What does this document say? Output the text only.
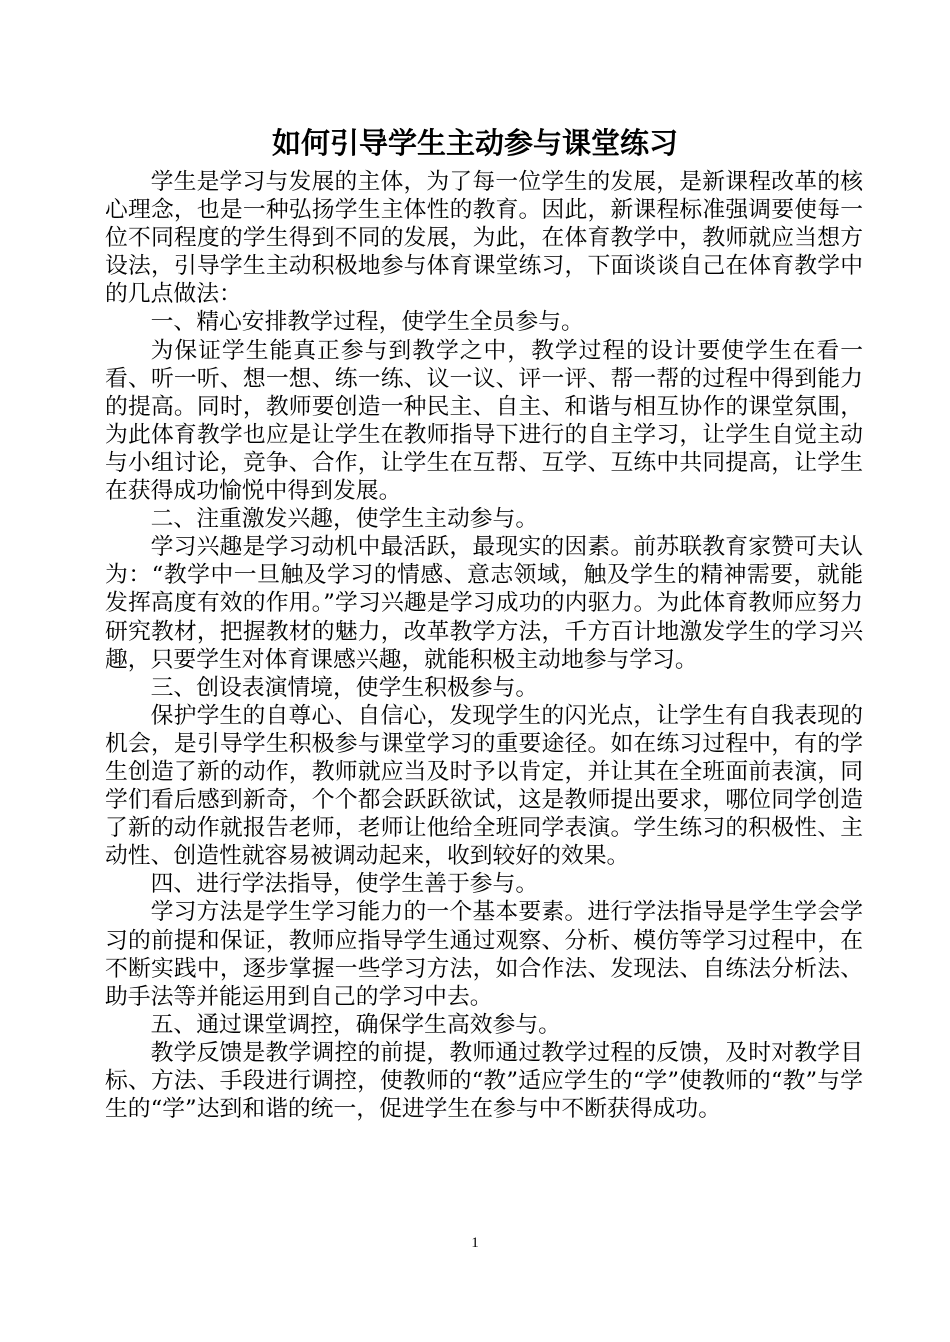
如何引导学生主动参与课堂练习

学生是学习与发展的主体，为了每一位学生的发展，是新课程改革的核心理念，也是一种弘扬学生主体性的教育。因此，新课程标准强调要使每一位不同程度的学生得到不同的发展，为此，在体育教学中，教师就应当想方设法，引导学生主动积极地参与体育课堂练习，下面谈谈自己在体育教学中的几点做法：

一、精心安排教学过程，使学生全员参与。

为保证学生能真正参与到教学之中，教学过程的设计要使学生在看一看、听一听、想一想、练一练、议一议、评一评、帮一帮的过程中得到能力的提高。同时，教师要创造一种民主、自主、和谐与相互协作的课堂氛围，为此体育教学也应是让学生在教师指导下进行的自主学习，让学生自觉主动与小组讨论，竞争、合作，让学生在互帮、互学、互练中共同提高，让学生在获得成功愉悦中得到发展。

二、注重激发兴趣，使学生主动参与。

学习兴趣是学习动机中最活跃，最现实的因素。前苏联教育家赞可夫认为：“教学中一旦触及学习的情感、意志领域，触及学生的精神需要，就能发挥高度有效的作用。”学习兴趣是学习成功的内驱力。为此体育教师应努力研究教材，把握教材的魅力，改革教学方法，千方百计地激发学生的学习兴趣，只要学生对体育课感兴趣，就能积极主动地参与学习。

三、创设表演情境，使学生积极参与。

保护学生的自尊心、自信心，发现学生的闪光点，让学生有自我表现的机会，是引导学生积极参与课堂学习的重要途径。如在练习过程中，有的学生创造了新的动作，教师就应当及时予以肯定，并让其在全班面前表演，同学们看后感到新奇，个个都会跃跃欲试，这是教师提出要求，哪位同学创造了新的动作就报告老师，老师让他给全班同学表演。学生练习的积极性、主动性、创造性就容易被调动起来，收到较好的效果。

四、进行学法指导，使学生善于参与。

学习方法是学生学习能力的一个基本要素。进行学法指导是学生学会学习的前提和保证，教师应指导学生通过观察、分析、模仿等学习过程中，在不断实践中，逐步掌握一些学习方法，如合作法、发现法、自练法分析法、助手法等并能运用到自己的学习中去。

五、通过课堂调控，确保学生高效参与。

教学反馈是教学调控的前提，教师通过教学过程的反馈，及时对教学目标、方法、手段进行调控，使教师的“教”适应学生的“学”使教师的“教”与学生的“学”达到和谐的统一，促进学生在参与中不断获得成功。

1
